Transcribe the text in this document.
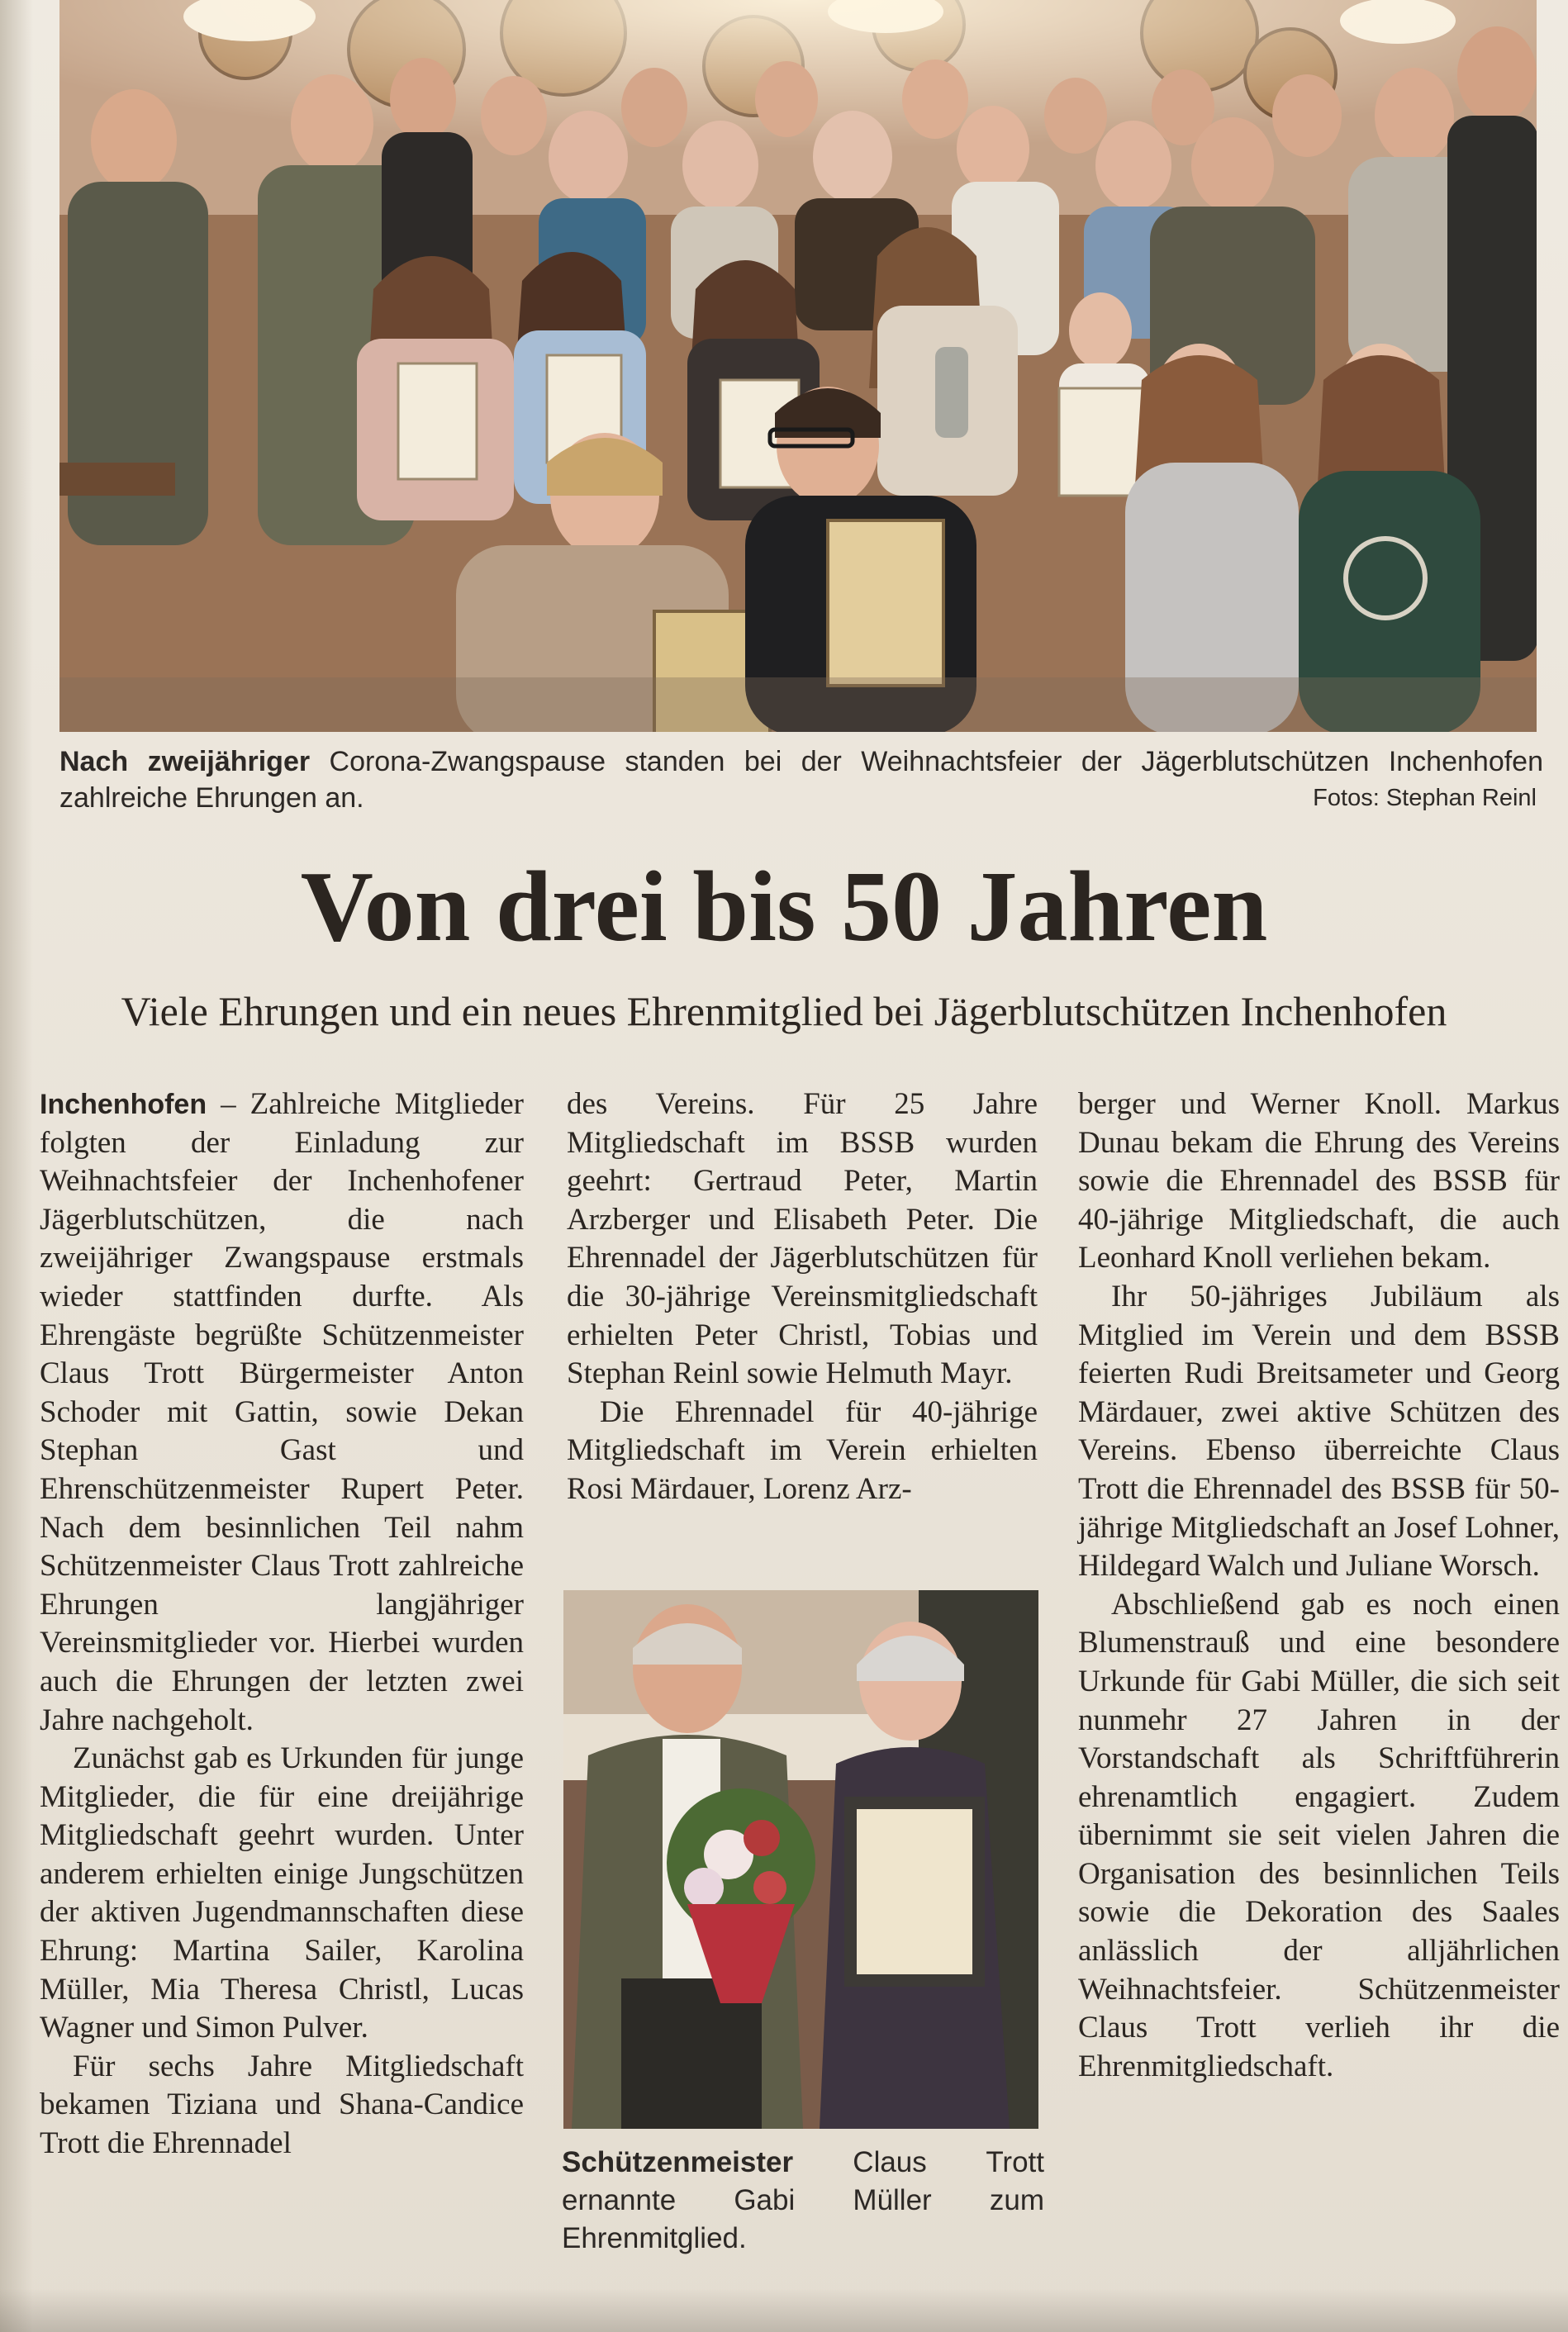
Nach zweijähriger Corona-Zwangspause standen bei der Weihnachtsfeier der Jägerblutschützen Inchenhofen zahlreiche Ehrungen an.	Fotos: Stephan Reinl
Von drei bis 50 Jahren
Viele Ehrungen und ein neues Ehrenmitglied bei Jägerblutschützen Inchenhofen

Inchenhofen – Zahlreiche Mitglieder folgten der Einladung zur Weihnachtsfeier der Inchenhofener Jägerblutschützen, die nach zweijähriger Zwangspause erstmals wieder stattfinden durfte. Als Ehrengäste begrüßte Schützenmeister Claus Trott Bürgermeister Anton Schoder mit Gattin, sowie Dekan Stephan Gast und Ehrenschützenmeister Rupert Peter. Nach dem besinnlichen Teil nahm Schützenmeister Claus Trott zahlreiche Ehrungen langjähriger Vereinsmitglieder vor. Hierbei wurden auch die Ehrungen der letzten zwei Jahre nachgeholt.

Zunächst gab es Urkunden für junge Mitglieder, die für eine dreijährige Mitgliedschaft geehrt wurden. Unter anderem erhielten einige Jungschützen der aktiven Jugendmannschaften diese Ehrung: Martina Sailer, Karolina Müller, Mia Theresa Christl, Lucas Wagner und Simon Pulver.

Für sechs Jahre Mitgliedschaft bekamen Tiziana und Shana-Candice Trott die Ehrennadel

des Vereins. Für 25 Jahre Mitgliedschaft im BSSB wurden geehrt: Gertraud Peter, Martin Arzberger und Elisabeth Peter. Die Ehrennadel der Jägerblutschützen für die 30-jährige Vereinsmitgliedschaft erhielten Peter Christl, Tobias und Stephan Reinl sowie Helmuth Mayr.

Die Ehrennadel für 40-jährige Mitgliedschaft im Verein erhielten Rosi Märdauer, Lorenz Arz-

Schützenmeister Claus Trott ernannte Gabi Müller zum Ehrenmitglied.

berger und Werner Knoll. Markus Dunau bekam die Ehrung des Vereins sowie die Ehrennadel des BSSB für 40-jährige Mitgliedschaft, die auch Leonhard Knoll verliehen bekam.

Ihr 50-jähriges Jubiläum als Mitglied im Verein und dem BSSB feierten Rudi Breitsameter und Georg Märdauer, zwei aktive Schützen des Vereins. Ebenso überreichte Claus Trott die Ehrennadel des BSSB für 50-jährige Mitgliedschaft an Josef Lohner, Hildegard Walch und Juliane Worsch.

Abschließend gab es noch einen Blumenstrauß und eine besondere Urkunde für Gabi Müller, die sich seit nunmehr 27 Jahren in der Vorstandschaft als Schriftführerin ehrenamtlich engagiert. Zudem übernimmt sie seit vielen Jahren die Organisation des besinnlichen Teils sowie die Dekoration des Saales anlässlich der alljährlichen Weihnachtsfeier. Schützenmeister Claus Trott verlieh ihr die Ehrenmitgliedschaft.
